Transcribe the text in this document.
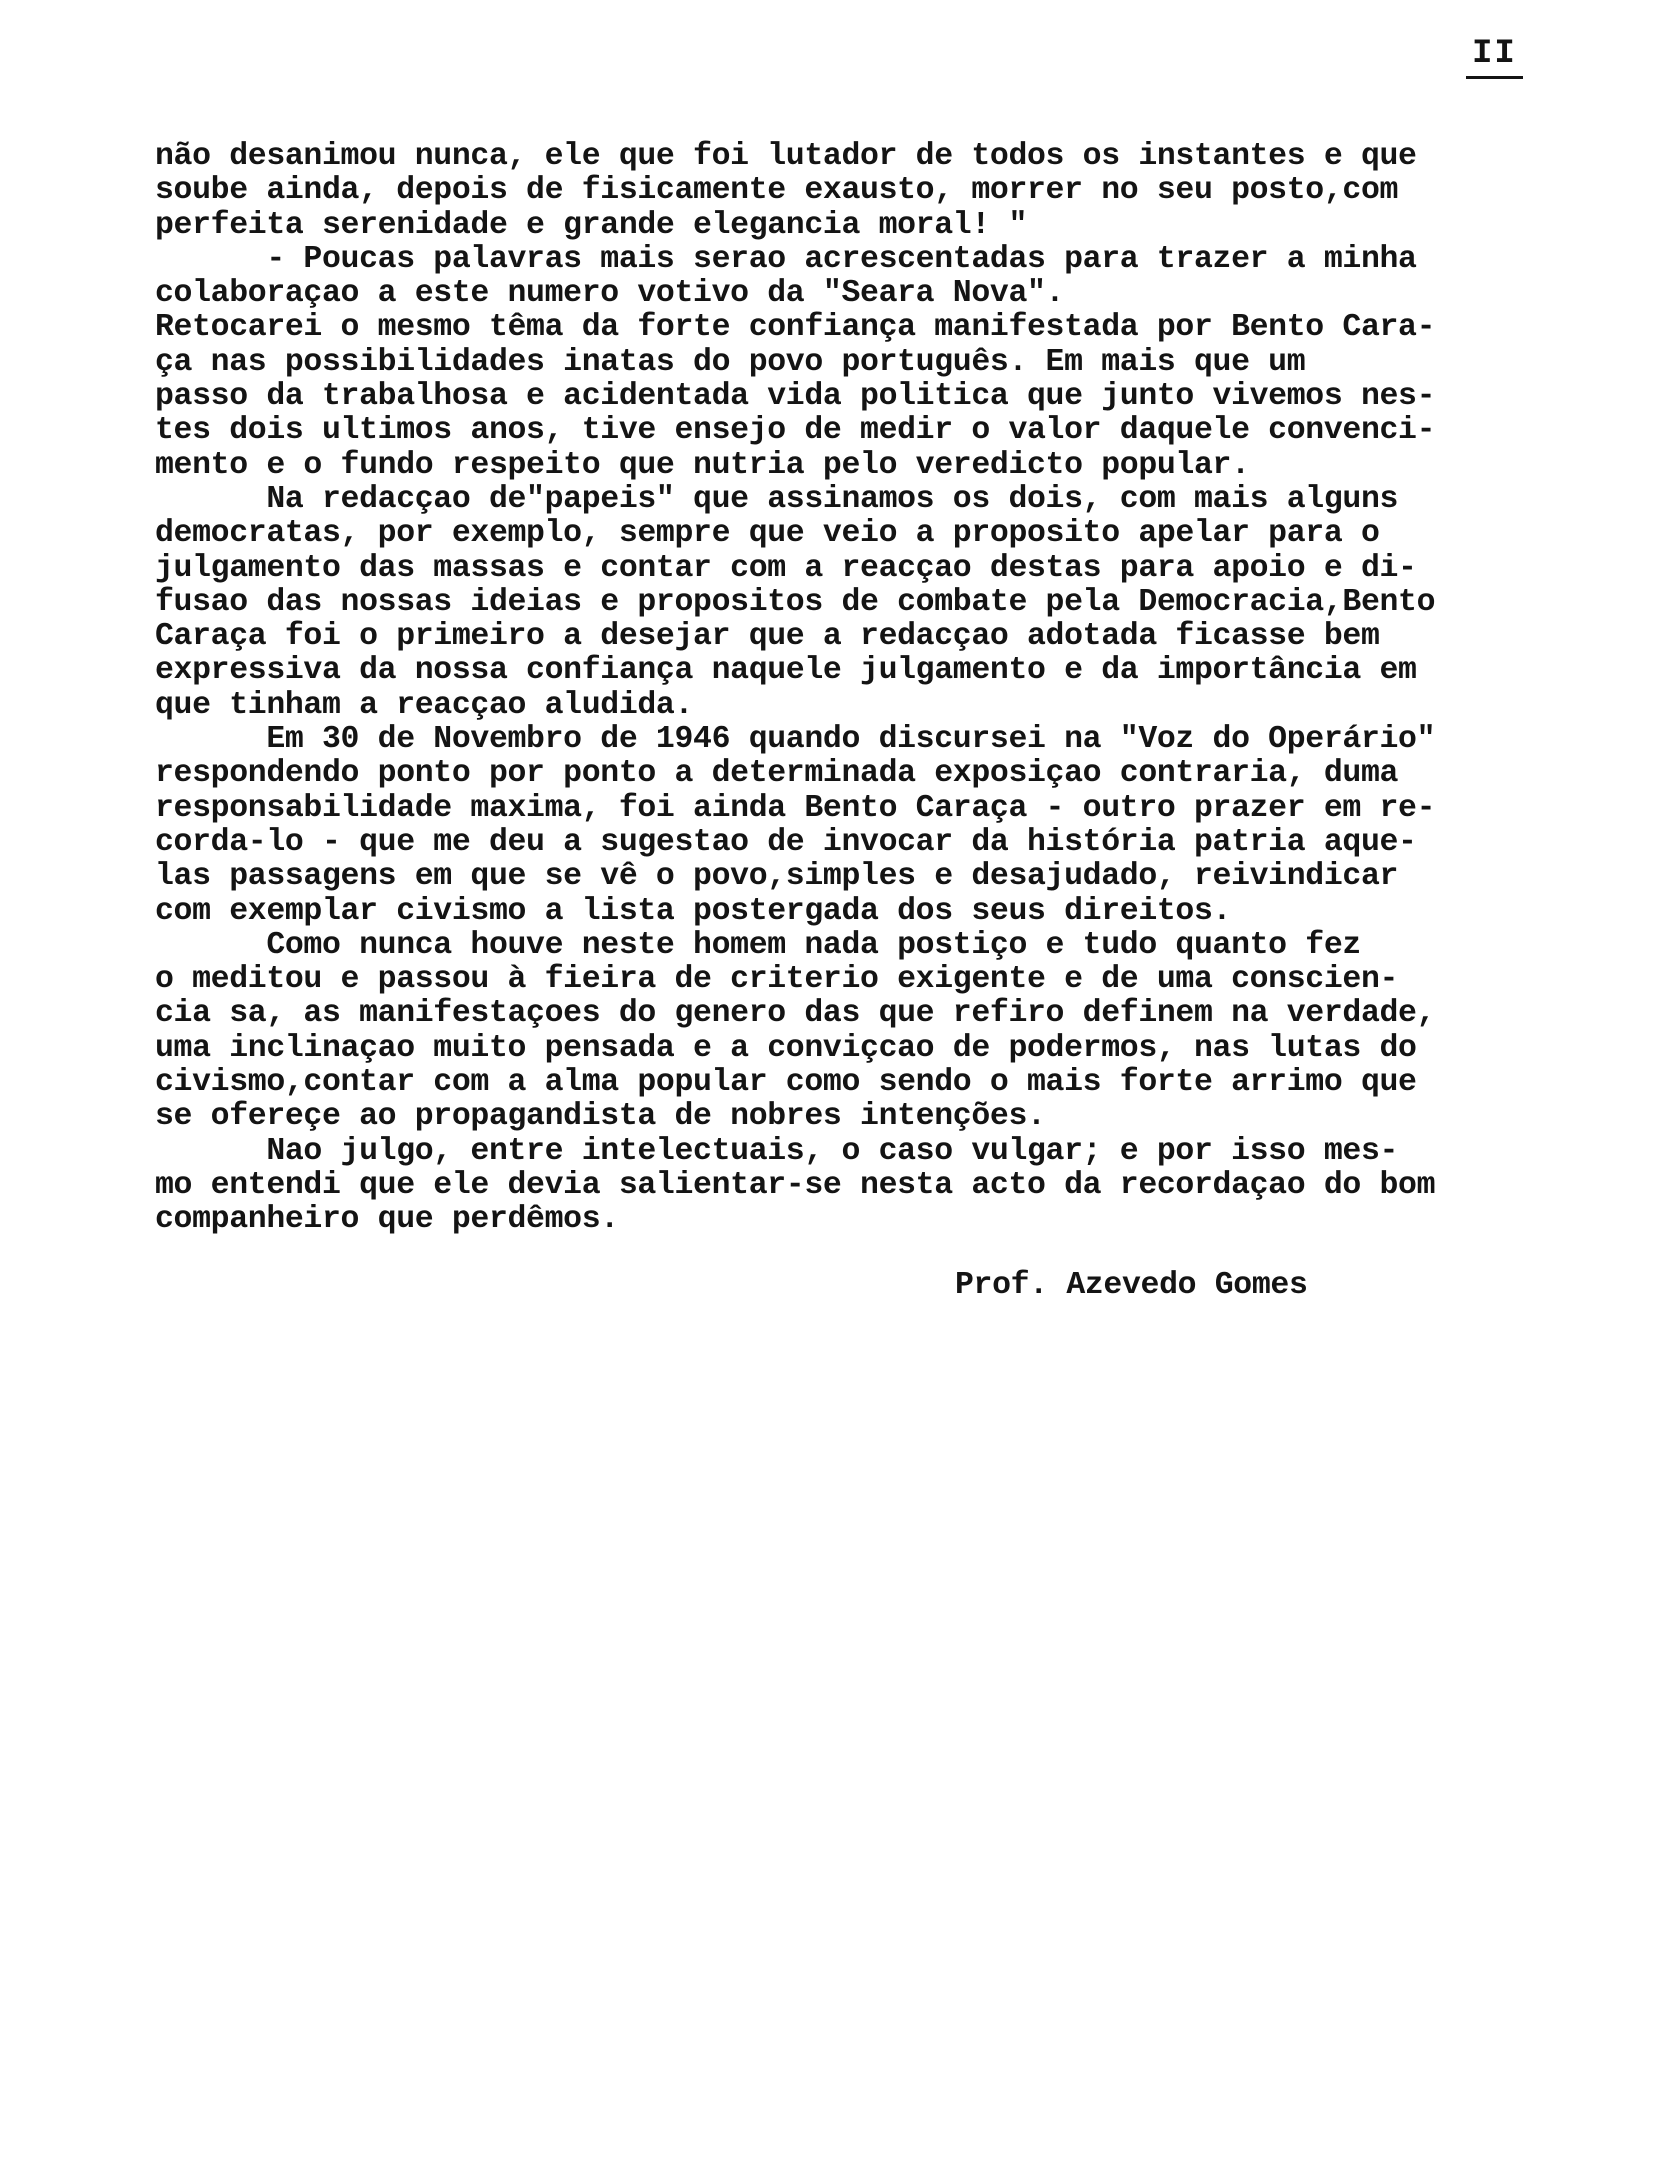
II
não desanimou nunca, ele que foi lutador de todos os instantes e que
soube ainda, depois de fisicamente exausto, morrer no seu posto,com
perfeita serenidade e grande elegancia moral! "
- Poucas palavras mais serao acrescentadas para trazer a minha
colaboraçao a este numero votivo da "Seara Nova".
Retocarei o mesmo têma da forte confiança manifestada por Bento Cara-
ça nas possibilidades inatas do povo português. Em mais que um
passo da trabalhosa e acidentada vida politica que junto vivemos nes-
tes dois ultimos anos, tive ensejo de medir o valor daquele convenci-
mento e o fundo respeito que nutria pelo veredicto popular.
Na redacçao de"papeis" que assinamos os dois, com mais alguns
democratas, por exemplo, sempre que veio a proposito apelar para o
julgamento das massas e contar com a reacçao destas para apoio e di-
fusao das nossas ideias e propositos de combate pela Democracia,Bento
Caraça foi o primeiro a desejar que a redacçao adotada ficasse bem
expressiva da nossa confiança naquele julgamento e da importância em
que tinham a reacçao aludida.
Em 30 de Novembro de 1946 quando discursei na "Voz do Operário"
respondendo ponto por ponto a determinada exposiçao contraria, duma
responsabilidade maxima, foi ainda Bento Caraça - outro prazer em re-
corda-lo - que me deu a sugestao de invocar da história patria aque-
las passagens em que se vê o povo,simples e desajudado, reivindicar
com exemplar civismo a lista postergada dos seus direitos.
Como nunca houve neste homem nada postiço e tudo quanto fez
o meditou e passou à fieira de criterio exigente e de uma conscien-
cia sa, as manifestaçoes do genero das que refiro definem na verdade,
uma inclinaçao muito pensada e a conviçcao de podermos, nas lutas do
civismo,contar com a alma popular como sendo o mais forte arrimo que
se ofereçe ao propagandista de nobres intenções.
Nao julgo, entre intelectuais, o caso vulgar; e por isso mes-
mo entendi que ele devia salientar-se nesta acto da recordaçao do bom
companheiro que perdêmos.
Prof. Azevedo Gomes
